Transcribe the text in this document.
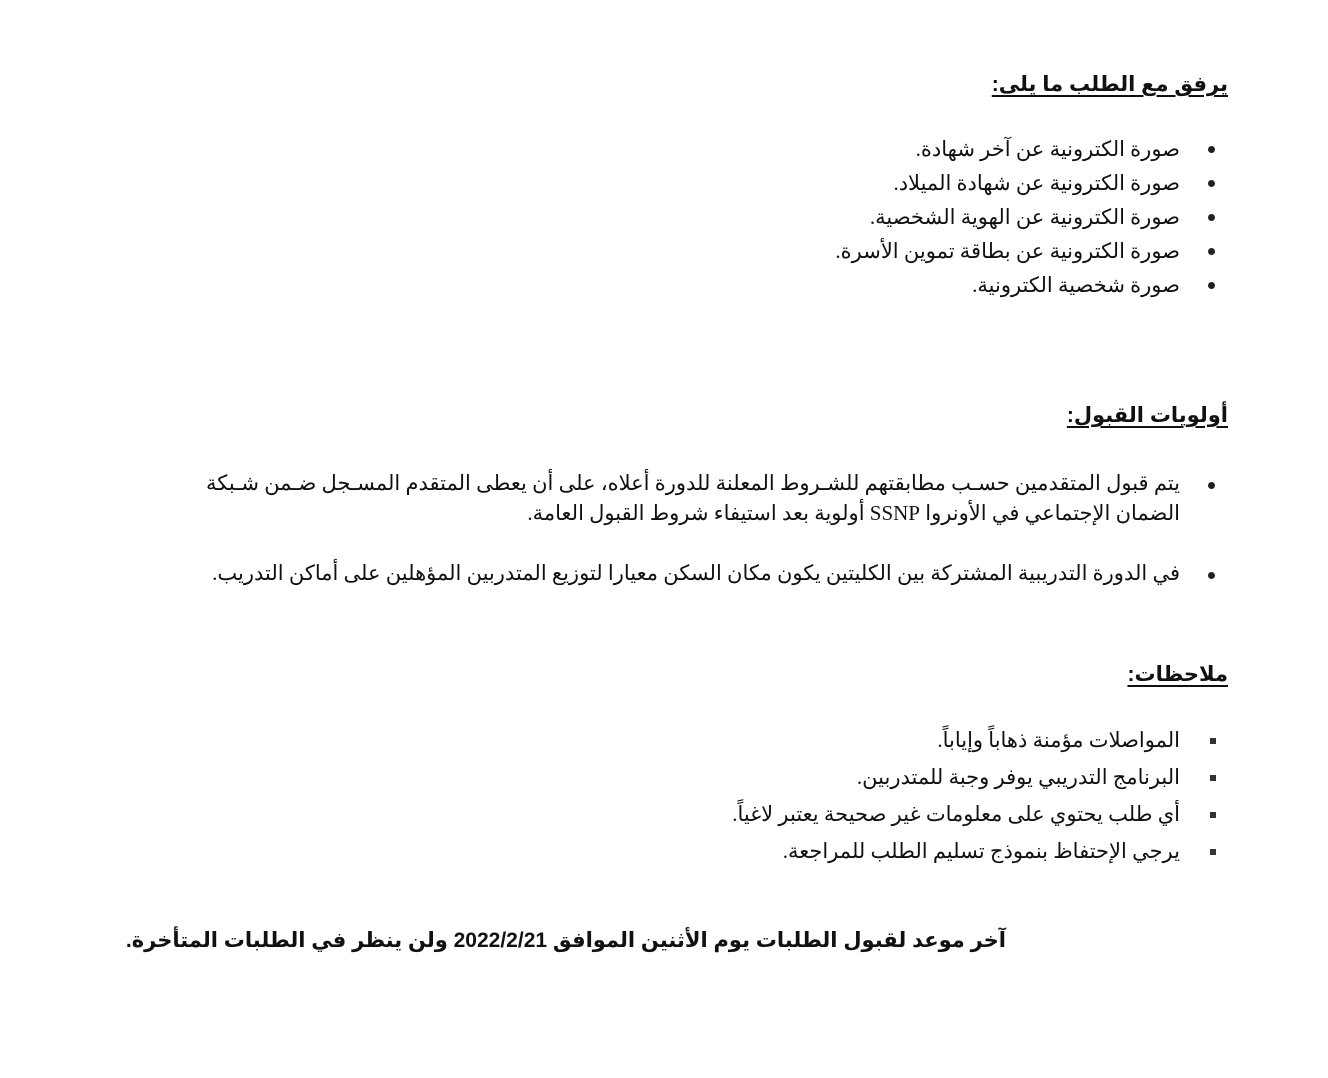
يرفق مع الطلب ما يلى:
صورة الكترونية عن آخر شهادة.
صورة الكترونية عن شهادة الميلاد.
صورة الكترونية عن الهوية الشخصية.
صورة الكترونية عن بطاقة تموين الأسرة.
صورة شخصية الكترونية.
أولويات القبول:
يتم قبول المتقدمين حسـب مطابقتهم للشـروط المعلنة للدورة أعلاه، على أن يعطى المتقدم المسـجل ضـمن شـبكة الضمان الإجتماعي في الأونروا SSNP أولوية بعد استيفاء شروط القبول العامة.
في الدورة التدريبية المشتركة بين الكليتين يكون مكان السكن معيارا لتوزيع المتدربين المؤهلين على أماكن التدريب.
ملاحظات:
المواصلات مؤمنة ذهاباً وإياباً.
البرنامج التدريبي يوفر وجبة للمتدربين.
أي طلب يحتوي على معلومات غير صحيحة يعتبر لاغياً.
يرجي الإحتفاظ بنموذج تسليم الطلب للمراجعة.

آخر موعد لقبول الطلبات يوم الأثنين الموافق 2022/2/21 ولن ينظر في الطلبات المتأخرة.
